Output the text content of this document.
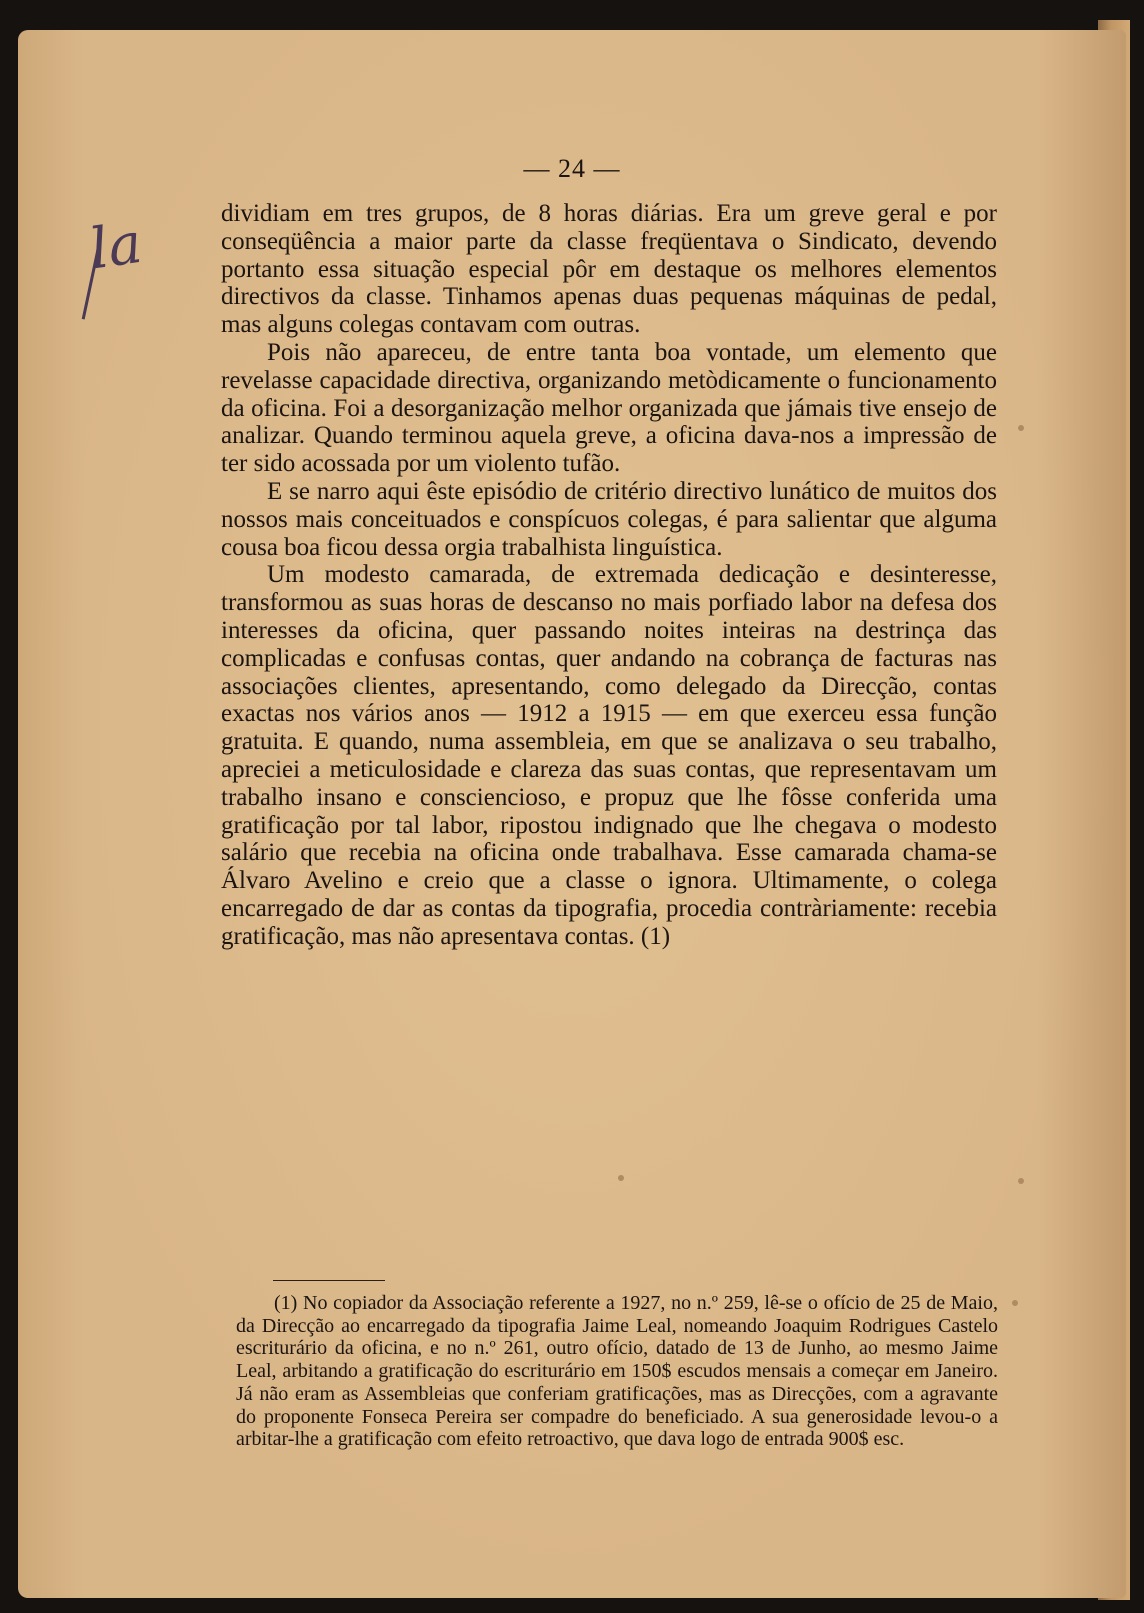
la
— 24 —

dividiam em tres grupos, de 8 horas diárias. Era um greve geral e por conseqüência a maior parte da classe freqüentava o Sindicato, devendo portanto essa situação especial pôr em destaque os melhores elementos directivos da classe. Tinhamos apenas duas pequenas máquinas de pedal, mas alguns colegas contavam com outras.

Pois não apareceu, de entre tanta boa vontade, um elemento que revelasse capacidade directiva, organizando metòdicamente o funcionamento da oficina. Foi a desorganização melhor organizada que jámais tive ensejo de analizar. Quando terminou aquela greve, a oficina dava-nos a impressão de ter sido acossada por um violento tufão.

E se narro aqui êste episódio de critério directivo lunático de muitos dos nossos mais conceituados e conspícuos colegas, é para salientar que alguma cousa boa ficou dessa orgia trabalhista linguística.

Um modesto camarada, de extremada dedicação e desinteresse, transformou as suas horas de descanso no mais porfiado labor na defesa dos interesses da oficina, quer passando noites inteiras na destrinça das complicadas e confusas contas, quer andando na cobrança de facturas nas associações clientes, apresentando, como delegado da Direcção, contas exactas nos vários anos — 1912 a 1915 — em que exerceu essa função gratuita. E quando, numa assembleia, em que se analizava o seu trabalho, apreciei a meticulosidade e clareza das suas contas, que representavam um trabalho insano e consciencioso, e propuz que lhe fôsse conferida uma gratificação por tal labor, ripostou indignado que lhe chegava o modesto salário que recebia na oficina onde trabalhava. Esse camarada chama-se Álvaro Avelino e creio que a classe o ignora. Ultimamente, o colega encarregado de dar as contas da tipografia, procedia contràriamente: recebia gratificação, mas não apresentava contas. (1)

(1) No copiador da Associação referente a 1927, no n.º 259, lê-se o ofício de 25 de Maio, da Direcção ao encarregado da tipografia Jaime Leal, nomeando Joaquim Rodrigues Castelo escriturário da oficina, e no n.º 261, outro ofício, datado de 13 de Junho, ao mesmo Jaime Leal, arbitando a gratificação do escriturário em 150$ escudos mensais a começar em Janeiro. Já não eram as Assembleias que conferiam gratificações, mas as Direcções, com a agravante do proponente Fonseca Pereira ser compadre do beneficiado. A sua generosidade levou-o a arbitar-lhe a gratificação com efeito retroactivo, que dava logo de entrada 900$ esc.
